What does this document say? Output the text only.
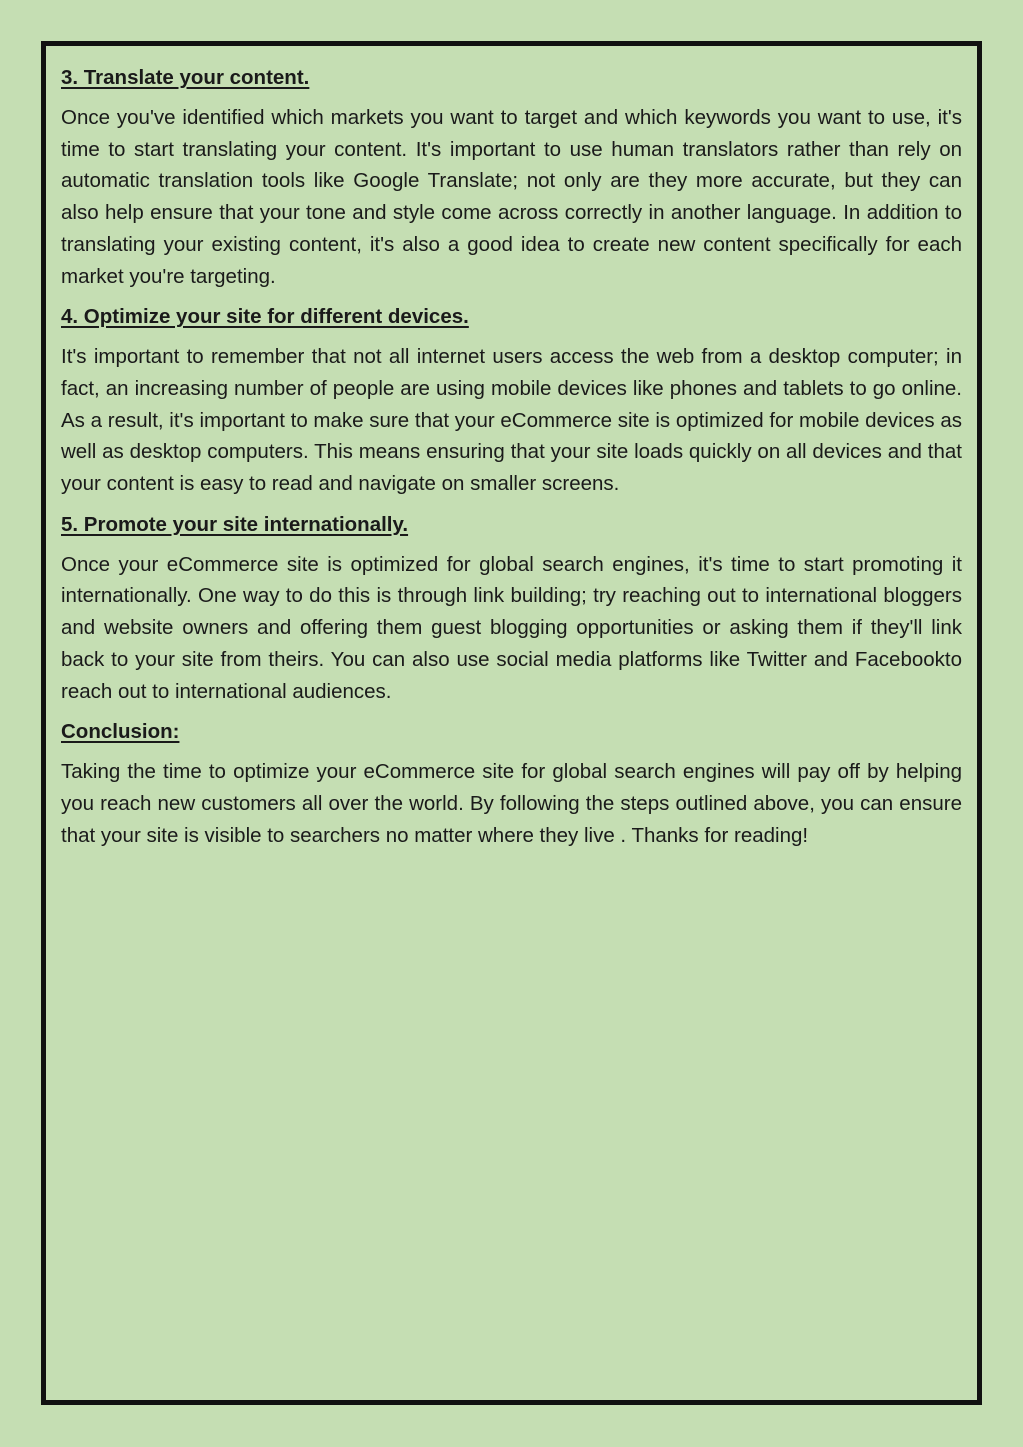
3. Translate your content.

Once you've identified which markets you want to target and which keywords you want to use, it's time to start translating your content. It's important to use human translators rather than rely on automatic translation tools like Google Translate; not only are they more accurate, but they can also help ensure that your tone and style come across correctly in another language. In addition to translating your existing content, it's also a good idea to create new content specifically for each market you're targeting.

4. Optimize your site for different devices.

It's important to remember that not all internet users access the web from a desktop computer; in fact, an increasing number of people are using mobile devices like phones and tablets to go online. As a result, it's important to make sure that your eCommerce site is optimized for mobile devices as well as desktop computers. This means ensuring that your site loads quickly on all devices and that your content is easy to read and navigate on smaller screens.

5. Promote your site internationally.

Once your eCommerce site is optimized for global search engines, it's time to start promoting it internationally. One way to do this is through link building; try reaching out to international bloggers and website owners and offering them guest blogging opportunities or asking them if they'll link back to your site from theirs. You can also use social media platforms like Twitter and Facebookto reach out to international audiences.

Conclusion:

Taking the time to optimize your eCommerce site for global search engines will pay off by helping you reach new customers all over the world. By following the steps outlined above, you can ensure that your site is visible to searchers no matter where they live . Thanks for reading!
